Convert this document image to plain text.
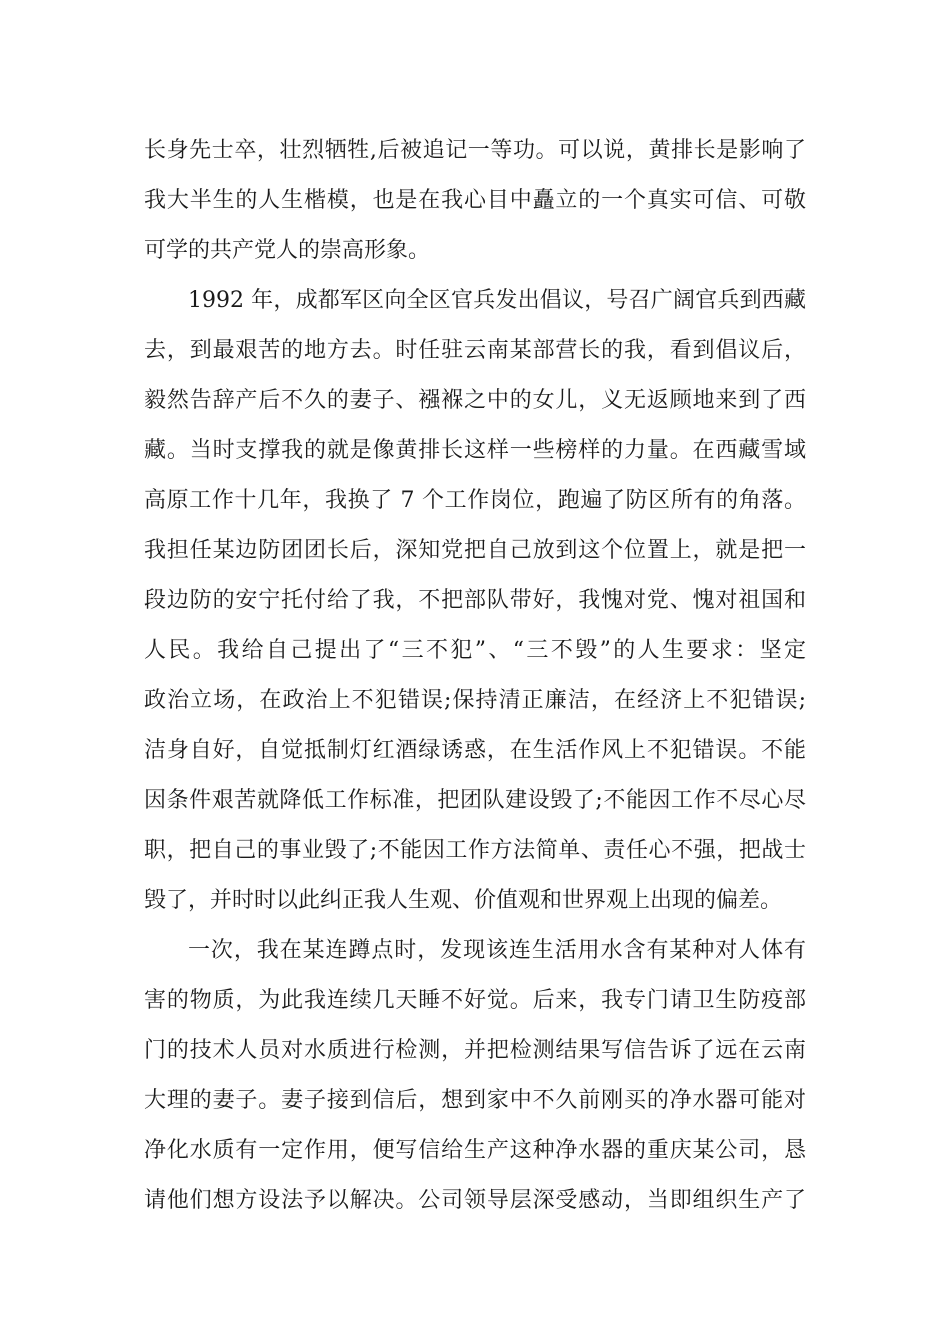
长身先士卒，壮烈牺牲,后被追记一等功。可以说，黄排长是影响了
我大半生的人生楷模，也是在我心目中矗立的一个真实可信、可敬
可学的共产党人的崇高形象。
1992 年，成都军区向全区官兵发出倡议，号召广阔官兵到西藏
去，到最艰苦的地方去。时任驻云南某部营长的我，看到倡议后，
毅然告辞产后不久的妻子、襁褓之中的女儿，义无返顾地来到了西
藏。当时支撑我的就是像黄排长这样一些榜样的力量。在西藏雪域
高原工作十几年，我换了 7 个工作岗位，跑遍了防区所有的角落。
我担任某边防团团长后，深知党把自己放到这个位置上，就是把一
段边防的安宁托付给了我，不把部队带好，我愧对党、愧对祖国和
人民。我给自己提出了“三不犯”、“三不毁”的人生要求：坚定
政治立场，在政治上不犯错误;保持清正廉洁，在经济上不犯错误;
洁身自好，自觉抵制灯红酒绿诱惑，在生活作风上不犯错误。不能
因条件艰苦就降低工作标准，把团队建设毁了;不能因工作不尽心尽
职，把自己的事业毁了;不能因工作方法简单、责任心不强，把战士
毁了，并时时以此纠正我人生观、价值观和世界观上出现的偏差。
一次，我在某连蹲点时，发现该连生活用水含有某种对人体有
害的物质，为此我连续几天睡不好觉。后来，我专门请卫生防疫部
门的技术人员对水质进行检测，并把检测结果写信告诉了远在云南
大理的妻子。妻子接到信后，想到家中不久前刚买的净水器可能对
净化水质有一定作用，便写信给生产这种净水器的重庆某公司，恳
请他们想方设法予以解决。公司领导层深受感动，当即组织生产了
